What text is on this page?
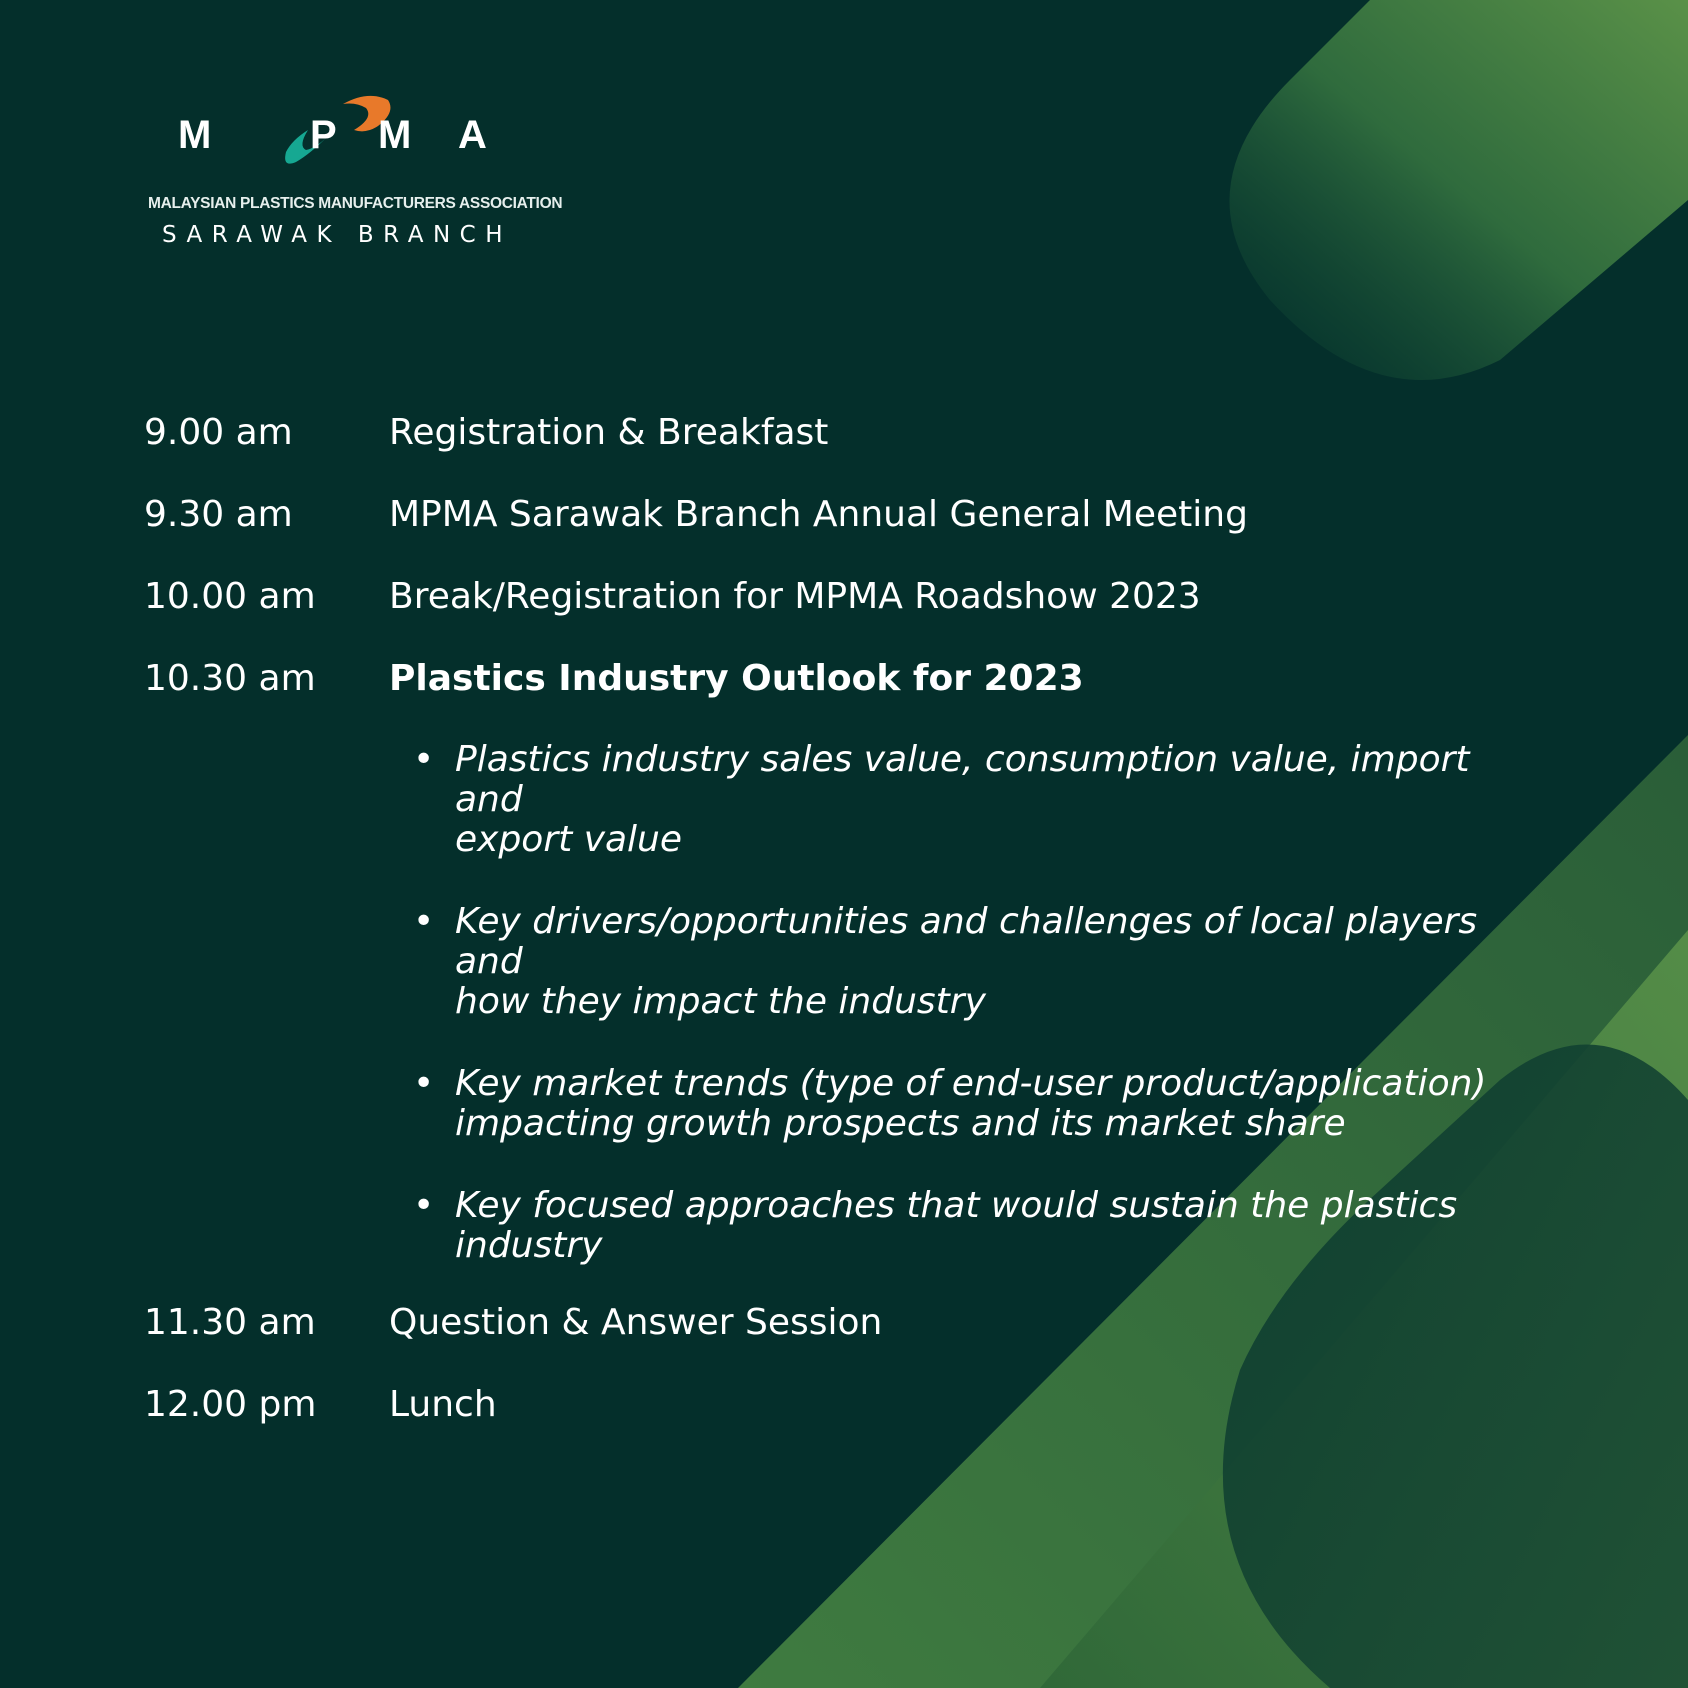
M P M A
MALAYSIAN PLASTICS MANUFACTURERS ASSOCIATION
SARAWAK BRANCH
9.00 am	Registration & Breakfast
9.30 am	MPMA Sarawak Branch Annual General Meeting
10.00 am Break/Registration for MPMA Roadshow 2023
10.30 am Plastics Industry Outlook for 2023
• Plastics industry sales value, consumption value, import and
export value
• Key drivers/opportunities and challenges of local players and
how they impact the industry
• Key market trends (type of end-user product/application)
impacting growth prospects and its market share
• Key focused approaches that would sustain the plastics
industry
11.30 am Question & Answer Session
12.00 pm Lunch
